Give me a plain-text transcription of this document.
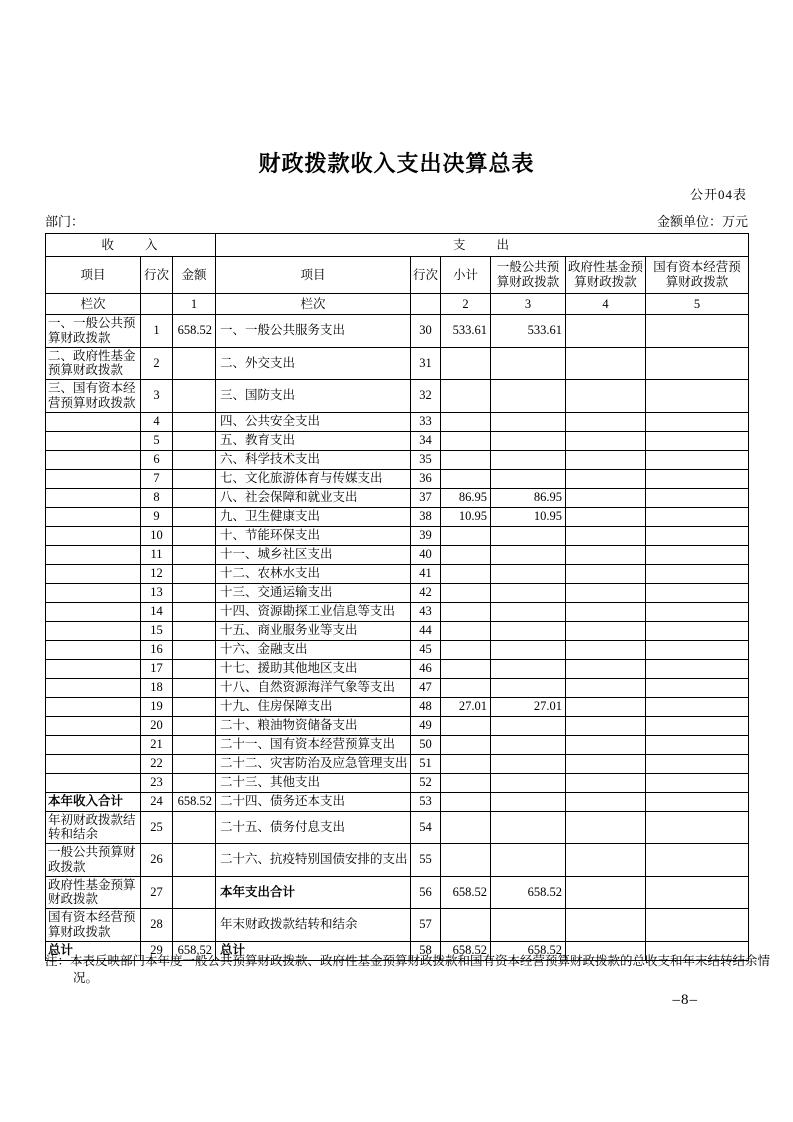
财政拨款收入支出决算总表
公开04表
部门：	金额单位：万元
收　　入			支　　出					
项目	行次	金额	项目	行次	小计	一般公共预算财政拨款	政府性基金预算财政拨款	国有资本经营预算财政拨款
栏次		1	栏次		2	3	4	5
一、一般公共预算财政拨款	1	658.52	一、一般公共服务支出	30	533.61	533.61		
二、政府性基金预算财政拨款	2		二、外交支出	31				
三、国有资本经营预算财政拨款	3		三、国防支出	32				
	4		四、公共安全支出	33				
	5		五、教育支出	34				
	6		六、科学技术支出	35				
	7		七、文化旅游体育与传媒支出	36				
	8		八、社会保障和就业支出	37	86.95	86.95		
	9		九、卫生健康支出	38	10.95	10.95		
	10		十、节能环保支出	39				
	11		十一、城乡社区支出	40				
	12		十二、农林水支出	41				
	13		十三、交通运输支出	42				
	14		十四、资源勘探工业信息等支出	43				
	15		十五、商业服务业等支出	44				
	16		十六、金融支出	45				
	17		十七、援助其他地区支出	46				
	18		十八、自然资源海洋气象等支出	47				
	19		十九、住房保障支出	48	27.01	27.01		
	20		二十、粮油物资储备支出	49				
	21		二十一、国有资本经营预算支出	50				
	22		二十二、灾害防治及应急管理支出	51				
	23		二十三、其他支出	52				
本年收入合计	24	658.52	二十四、债务还本支出	53				
年初财政拨款结转和结余	25		二十五、债务付息支出	54				
一般公共预算财政拨款	26		二十六、抗疫特别国债安排的支出	55				
政府性基金预算财政拨款	27		本年支出合计	56	658.52	658.52		
国有资本经营预算财政拨款	28		年末财政拨款结转和结余	57				
总计	29	658.52	总计	58	658.52	658.52		
注：本表反映部门本年度一般公共预算财政拨款、政府性基金预算财政拨款和国有资本经营预算财政拨款的总收支和年末结转结余情况。
–8–
